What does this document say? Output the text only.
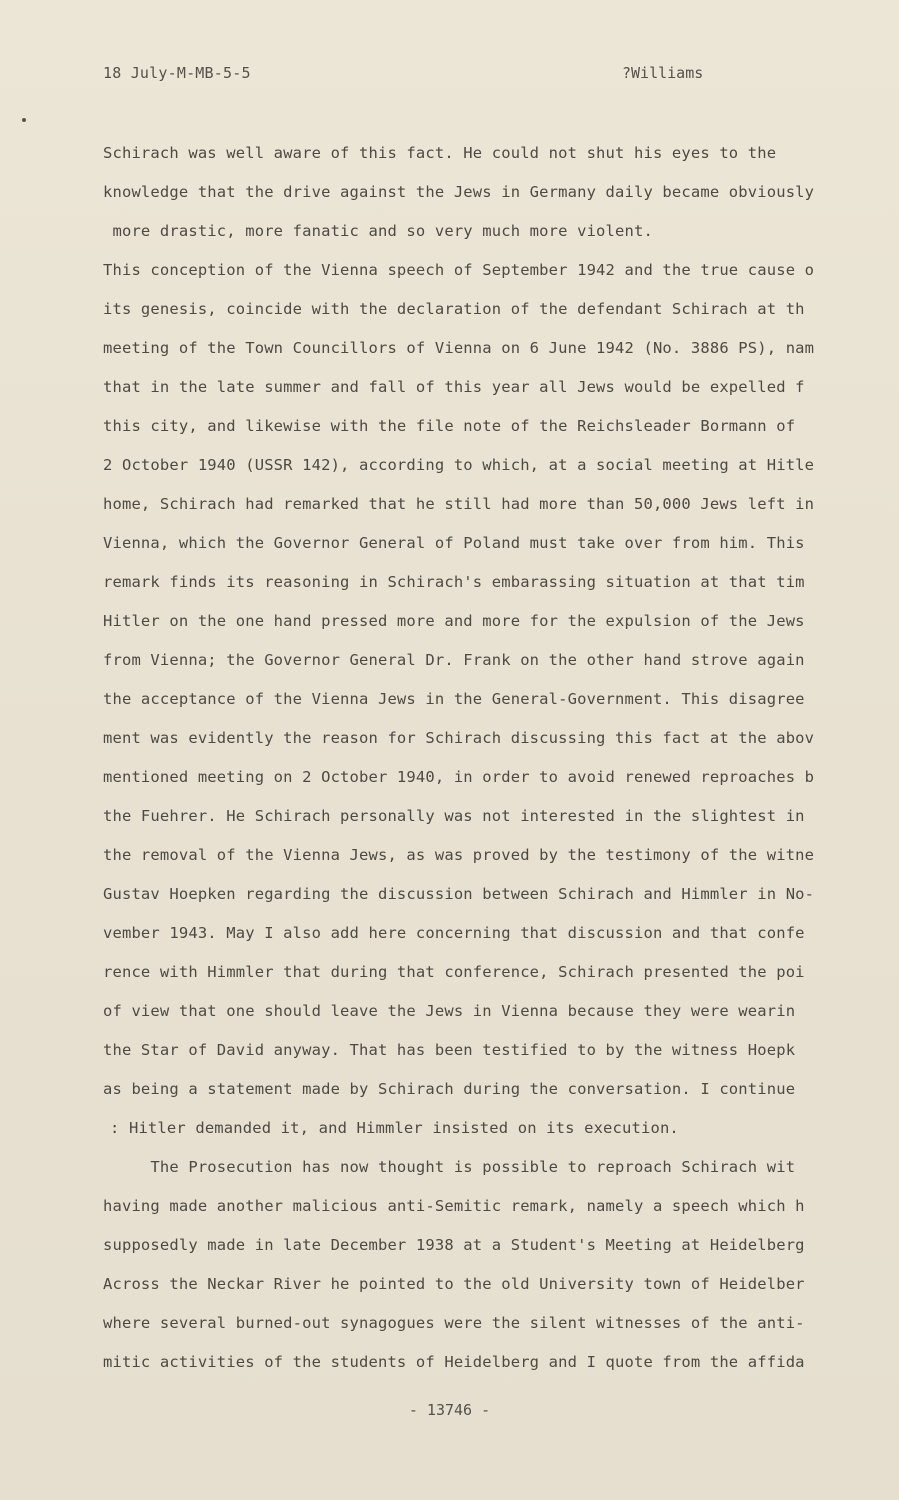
18 July-M-MB-5-5	?Williams
Schirach was well aware of this fact. He could not shut his eyes to the
knowledge that the drive against the Jews in Germany daily became obviously
more drastic, more fanatic and so very much more violent.
This conception of the Vienna speech of September 1942 and the true cause o
its genesis, coincide with the declaration of the defendant Schirach at th
meeting of the Town Councillors of Vienna on 6 June 1942 (No. 3886 PS), nam
that in the late summer and fall of this year all Jews would be expelled f
this city, and likewise with the file note of the Reichsleader Bormann of
2 October 1940 (USSR 142), according to which, at a social meeting at Hitle
home, Schirach had remarked that he still had more than 50,000 Jews left in
Vienna, which the Governor General of Poland must take over from him. This
remark finds its reasoning in Schirach's embarassing situation at that tim
Hitler on the one hand pressed more and more for the expulsion of the Jews
from Vienna; the Governor General Dr. Frank on the other hand strove again
the acceptance of the Vienna Jews in the General-Government. This disagree
ment was evidently the reason for Schirach discussing this fact at the abov
mentioned meeting on 2 October 1940, in order to avoid renewed reproaches b
the Fuehrer. He Schirach personally was not interested in the slightest in
the removal of the Vienna Jews, as was proved by the testimony of the witne
Gustav Hoepken regarding the discussion between Schirach and Himmler in No-
vember 1943. May I also add here concerning that discussion and that confe
rence with Himmler that during that conference, Schirach presented the poi
of view that one should leave the Jews in Vienna because they were wearin
the Star of David anyway. That has been testified to by the witness Hoepk
as being a statement made by Schirach during the conversation. I continue
: Hitler demanded it, and Himmler insisted on its execution.
The Prosecution has now thought is possible to reproach Schirach wit
having made another malicious anti-Semitic remark, namely a speech which h
supposedly made in late December 1938 at a Student's Meeting at Heidelberg
Across the Neckar River he pointed to the old University town of Heidelber
where several burned-out synagogues were the silent witnesses of the anti-
mitic activities of the students of Heidelberg and I quote from the affida
- 13746 -
